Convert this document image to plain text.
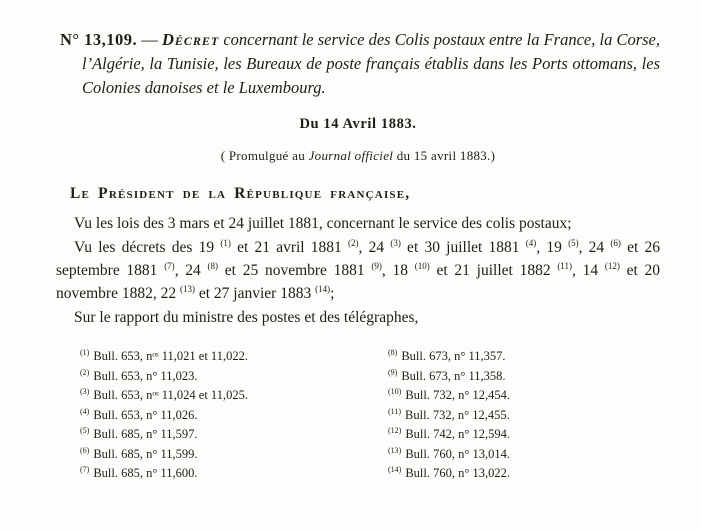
N° 13,109. — Décret concernant le service des Colis postaux entre la France, la Corse, l’Algérie, la Tunisie, les Bureaux de poste français établis dans les Ports ottomans, les Colonies danoises et le Luxembourg.

Du 14 Avril 1883.

( Promulgué au Journal officiel du 15 avril 1883.)

Le Président de la République française,

Vu les lois des 3 mars et 24 juillet 1881, concernant le service des colis postaux;

Vu les décrets des 19 $^{(1)}$ et 21 avril 1881 $^{(2)}$, 24 $^{(3)}$ et 30 juillet 1881 $^{(4)}$, 19 $^{(5)}$, 24 $^{(6)}$ et 26 septembre 1881 $^{(7)}$, 24 $^{(8)}$ et 25 novembre 1881 $^{(9)}$, 18 $^{(10)}$ et 21 juillet 1882 $^{(11)}$, 14 $^{(12)}$ et 20 novembre 1882, 22 $^{(13)}$ et 27 janvier 1883 $^{(14)}$;

Sur le rapport du ministre des postes et des télégraphes,

$^{(1)}$ Bull. 653, nᵒˢ 11,021 et 11,022.
$^{(2)}$ Bull. 653, n° 11,023.
$^{(3)}$ Bull. 653, nᵒˢ 11,024 et 11,025.
$^{(4)}$ Bull. 653, n° 11,026.
$^{(5)}$ Bull. 685, n° 11,597.
$^{(6)}$ Bull. 685, n° 11,599.
$^{(7)}$ Bull. 685, n° 11,600.
$^{(8)}$ Bull. 673, n° 11,357.
$^{(9)}$ Bull. 673, n° 11,358.
$^{(10)}$ Bull. 732, n° 12,454.
$^{(11)}$ Bull. 732, n° 12,455.
$^{(12)}$ Bull. 742, n° 12,594.
$^{(13)}$ Bull. 760, n° 13,014.
$^{(14)}$ Bull. 760, n° 13,022.
